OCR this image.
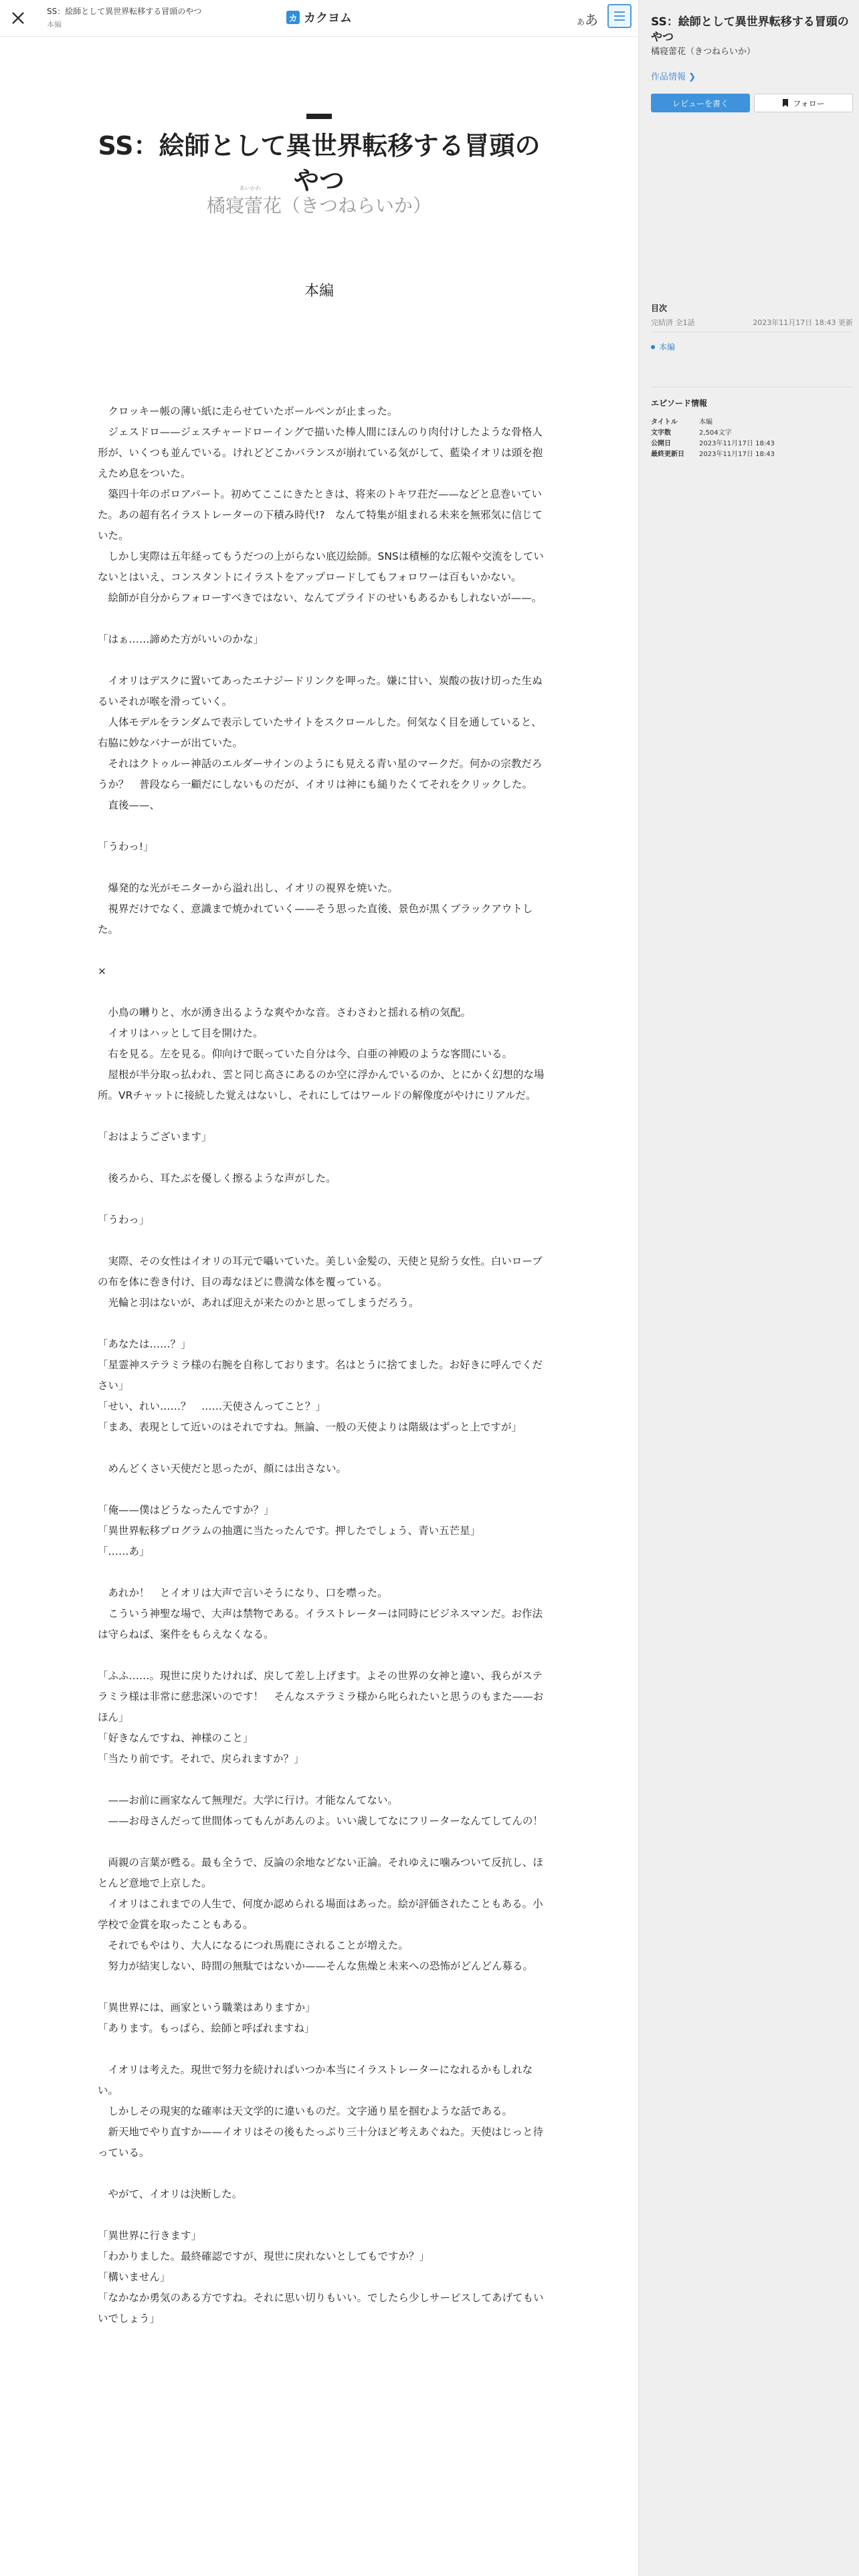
SS：絵師として異世界転移する冒頭のやつ
本編
カ カクヨム	ああ
SS：絵師として異世界転移する冒頭のやつ
あいかわ
橘寝蕾花（きつねらいか）
本編

　クロッキー帳の薄い紙に走らせていたボールペンが止まった。

　ジェスドロ——ジェスチャードローイングで描いた棒人間にほんのり肉付けしたような骨格人形が、いくつも並んでいる。けれどどこかバランスが崩れている気がして、藍染イオリは頭を抱えため息をついた。

　築四十年のボロアパート。初めてここにきたときは、将来のトキワ荘だ——などと息巻いていた。あの超有名イラストレーターの下積み時代!?　なんて特集が組まれる未来を無邪気に信じていた。

　しかし実際は五年経ってもうだつの上がらない底辺絵師。SNSは積極的な広報や交流をしていないとはいえ、コンスタントにイラストをアップロードしてもフォロワーは百もいかない。

　絵師が自分からフォローすべきではない、なんてプライドのせいもあるかもしれないが——。

「はぁ……諦めた方がいいのかな」

　イオリはデスクに置いてあったエナジードリンクを呷った。嫌に甘い、炭酸の抜け切った生ぬるいそれが喉を滑っていく。

　人体モデルをランダムで表示していたサイトをスクロールした。何気なく目を通していると、右脇に妙なバナーが出ていた。

　それはクトゥルー神話のエルダーサインのようにも見える青い星のマークだ。何かの宗教だろうか？　普段なら一顧だにしないものだが、イオリは神にも縋りたくてそれをクリックした。

　直後——、

「うわっ!」

　爆発的な光がモニターから溢れ出し、イオリの視界を焼いた。

　視界だけでなく、意識まで焼かれていく——そう思った直後、景色が黒くブラックアウトした。

×

　小鳥の囀りと、水が湧き出るような爽やかな音。さわさわと揺れる梢の気配。

　イオリはハッとして目を開けた。

　右を見る。左を見る。仰向けで眠っていた自分は今、白亜の神殿のような客間にいる。

　屋根が半分取っ払われ、雲と同じ高さにあるのか空に浮かんでいるのか、とにかく幻想的な場所。VRチャットに接続した覚えはないし、それにしてはワールドの解像度がやけにリアルだ。

「おはようございます」

　後ろから、耳たぶを優しく擦るような声がした。

「うわっ」

　実際、その女性はイオリの耳元で囁いていた。美しい金髪の、天使と見紛う女性。白いローブの布を体に巻き付け、目の毒なほどに豊満な体を覆っている。

　光輪と羽はないが、あれば迎えが来たのかと思ってしまうだろう。

「あなたは……？」

「星霊神ステラミラ様の右腕を自称しております。名はとうに捨てました。お好きに呼んでください」

「せい、れい……？　……天使さんってこと？」

「まあ、表現として近いのはそれですね。無論、一般の天使よりは階級はずっと上ですが」

　めんどくさい天使だと思ったが、顔には出さない。

「俺——僕はどうなったんですか？」

「異世界転移プログラムの抽選に当たったんです。押したでしょう、青い五芒星」

「……あ」

　あれか！　とイオリは大声で言いそうになり、口を噤った。

　こういう神聖な場で、大声は禁物である。イラストレーターは同時にビジネスマンだ。お作法は守らねば、案件をもらえなくなる。

「ふふ……。現世に戻りたければ、戻して差し上げます。よその世界の女神と違い、我らがステラミラ様は非常に慈悲深いのです！　そんなステラミラ様から叱られたいと思うのもまた——おほん」

「好きなんですね、神様のこと」

「当たり前です。それで、戻られますか？」

　——お前に画家なんて無理だ。大学に行け。才能なんてない。

　——お母さんだって世間体ってもんがあんのよ。いい歳してなにフリーターなんてしてんの！

　両親の言葉が甦る。最も全うで、反論の余地などない正論。それゆえに噛みついて反抗し、ほとんど意地で上京した。

　イオリはこれまでの人生で、何度か認められる場面はあった。絵が評価されたこともある。小学校で金賞を取ったこともある。

　それでもやはり、大人になるにつれ馬鹿にされることが増えた。

　努力が結実しない、時間の無駄ではないか——そんな焦燥と未来への恐怖がどんどん募る。

「異世界には、画家という職業はありますか」

「あります。もっぱら、絵師と呼ばれますね」

　イオリは考えた。現世で努力を続ければいつか本当にイラストレーターになれるかもしれない。

　しかしその現実的な確率は天文学的に違いものだ。文字通り星を掴むような話である。

　新天地でやり直すか——イオリはその後もたっぷり三十分ほど考えあぐねた。天使はじっと待っている。

　やがて、イオリは決断した。

「異世界に行きます」

「わかりました。最終確認ですが、現世に戻れないとしてもですか？」

「構いません」

「なかなか勇気のある方ですね。それに思い切りもいい。でしたら少しサービスしてあげてもいいでしょう」

SS：絵師として異世界転移する冒頭のやつ
橘寝蕾花（きつねらいか）
作品情報 ❯
レビューを書く	フォロー
目次
完結済 全1話	2023年11月17日 18:43 更新
本編
エピソード情報
タイトル	本編
文字数	2,504文字
公開日	2023年11月17日 18:43
最終更新日	2023年11月17日 18:43
